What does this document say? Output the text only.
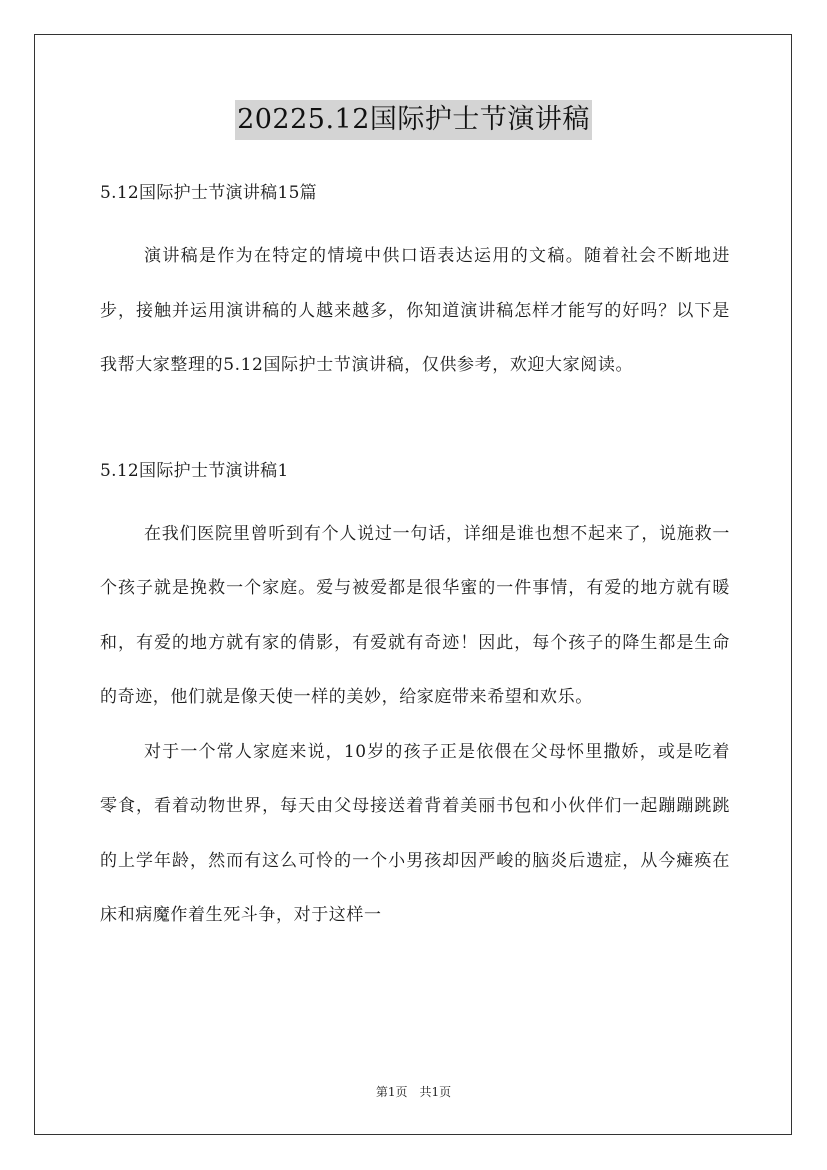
20225.12国际护士节演讲稿

5.12国际护士节演讲稿15篇

演讲稿是作为在特定的情境中供口语表达运用的文稿。随着社会不断地进步，接触并运用演讲稿的人越来越多，你知道演讲稿怎样才能写的好吗？以下是我帮大家整理的5.12国际护士节演讲稿，仅供参考，欢迎大家阅读。

5.12国际护士节演讲稿1

在我们医院里曾听到有个人说过一句话，详细是谁也想不起来了，说施救一个孩子就是挽救一个家庭。爱与被爱都是很华蜜的一件事情，有爱的地方就有暖和，有爱的地方就有家的倩影，有爱就有奇迹！因此，每个孩子的降生都是生命的奇迹，他们就是像天使一样的美妙，给家庭带来希望和欢乐。

对于一个常人家庭来说，10岁的孩子正是依偎在父母怀里撒娇，或是吃着零食，看着动物世界，每天由父母接送着背着美丽书包和小伙伴们一起蹦蹦跳跳的上学年龄，然而有这么可怜的一个小男孩却因严峻的脑炎后遗症，从今瘫痪在床和病魔作着生死斗争，对于这样一

第1页　共1页
